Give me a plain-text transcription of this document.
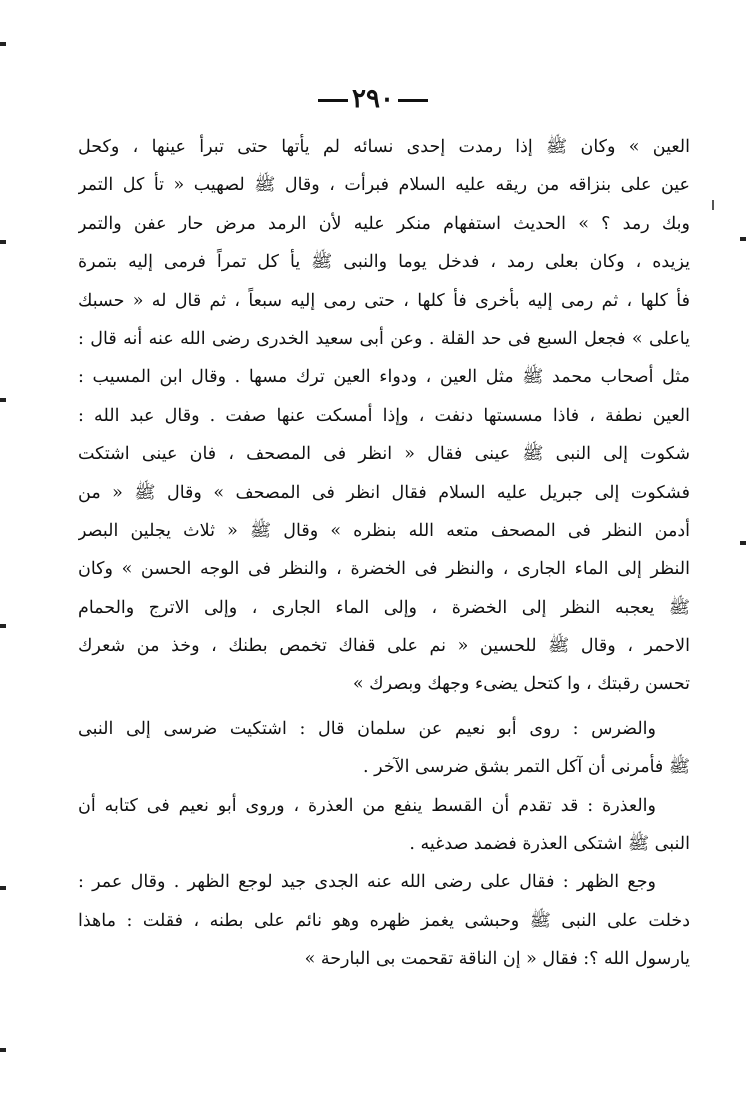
٢٩٠
العين » وكان ﷺ إذا رمدت إحدى نسائه لم يأتها حتى تبرأ عينها ، وكحل
عين على بنزاقه من ريقه عليه السلام فبرأت ، وقال ﷺ لصهيب « تأ كل التمر
وبك رمد ؟ » الحديث استفهام منكر عليه لأن الرمد مرض حار عفن والتمر
يزيده ، وكان بعلى رمد ، فدخل يوما والنبى ﷺ يأ كل تمراً فرمى إليه بتمرة
فأ كلها ، ثم رمى إليه بأخرى فأ كلها ، حتى رمى إليه سبعاً ، ثم قال له « حسبك
ياعلى » فجعل السبع فى حد القلة . وعن أبى سعيد الخدرى رضى الله عنه أنه قال :
مثل أصحاب محمد ﷺ مثل العين ، ودواء العين ترك مسها . وقال ابن المسيب :
العين نطفة ، فاذا مسستها دنفت ، وإذا أمسكت عنها صفت . وقال عبد الله :
شكوت إلى النبى ﷺ عينى فقال « انظر فى المصحف ، فان عينى اشتكت
فشكوت إلى جبريل عليه السلام فقال انظر فى المصحف » وقال ﷺ « من
أدمن النظر فى المصحف متعه الله بنظره » وقال ﷺ « ثلاث يجلين البصر
النظر إلى الماء الجارى ، والنظر فى الخضرة ، والنظر فى الوجه الحسن » وكان
ﷺ يعجبه النظر إلى الخضرة ، وإلى الماء الجارى ، وإلى الاترج والحمام
الاحمر ، وقال ﷺ للحسين « نم على قفاك تخمص بطنك ، وخذ من شعرك
تحسن رقبتك ، وا كتحل يضىء وجهك وبصرك »
والضرس : روى أبو نعيم عن سلمان قال : اشتكيت ضرسى إلى النبى
ﷺ فأمرنى أن آكل التمر بشق ضرسى الآخر .
والعذرة : قد تقدم أن القسط ينفع من العذرة ، وروى أبو نعيم فى كتابه أن
النبى ﷺ اشتكى العذرة فضمد صدغيه .
وجع الظهر : فقال على رضى الله عنه الجدى جيد لوجع الظهر . وقال عمر :
دخلت على النبى ﷺ وحبشى يغمز ظهره وهو نائم على بطنه ، فقلت : ماهذا
يارسول الله ؟: فقال « إن الناقة تقحمت بى البارحة »
